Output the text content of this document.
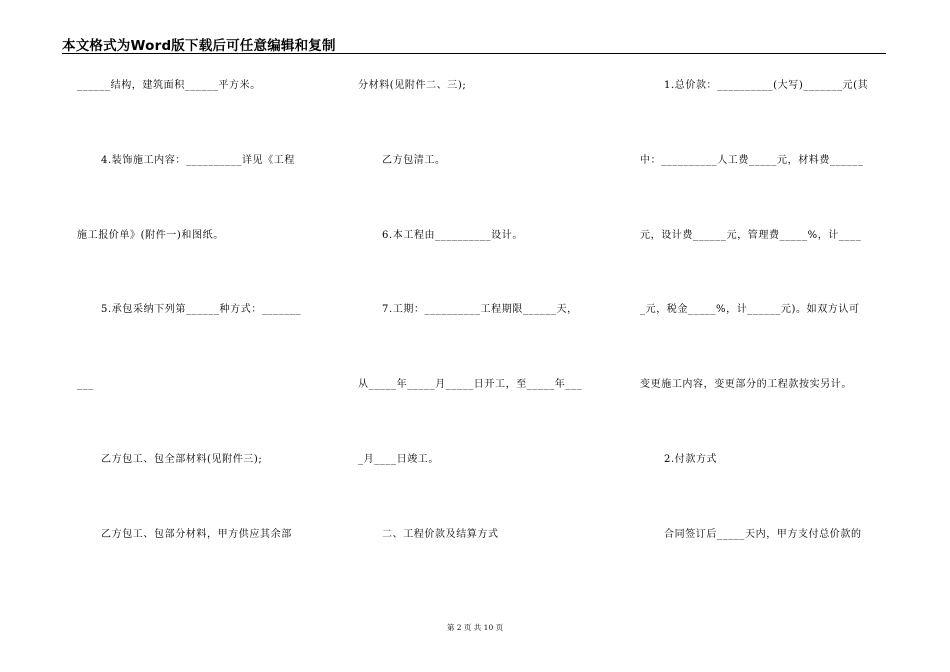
本文格式为Word版下载后可任意编辑和复制
______结构，建筑面积______平方米。
4.装饰施工内容：__________详见《工程
施工报价单》(附件一)和图纸。
5.承包采纳下列第______种方式：_______
___
乙方包工、包全部材料(见附件三);
乙方包工、包部分材料，甲方供应其余部
分材料(见附件二、三);
乙方包清工。
6.本工程由__________设计。
7.工期：__________工程期限______天，
从_____年_____月_____日开工，至_____年___
_月____日竣工。
二、工程价款及结算方式
1.总价款：__________(大写)_______元(其
中：__________人工费_____元，材料费______
元，设计费______元，管理费_____%，计____
_元，税金_____%，计______元)。如双方认可
变更施工内容，变更部分的工程款按实另计。
2.付款方式
合同签订后_____天内，甲方支付总价款的
第 2 页 共 10 页
